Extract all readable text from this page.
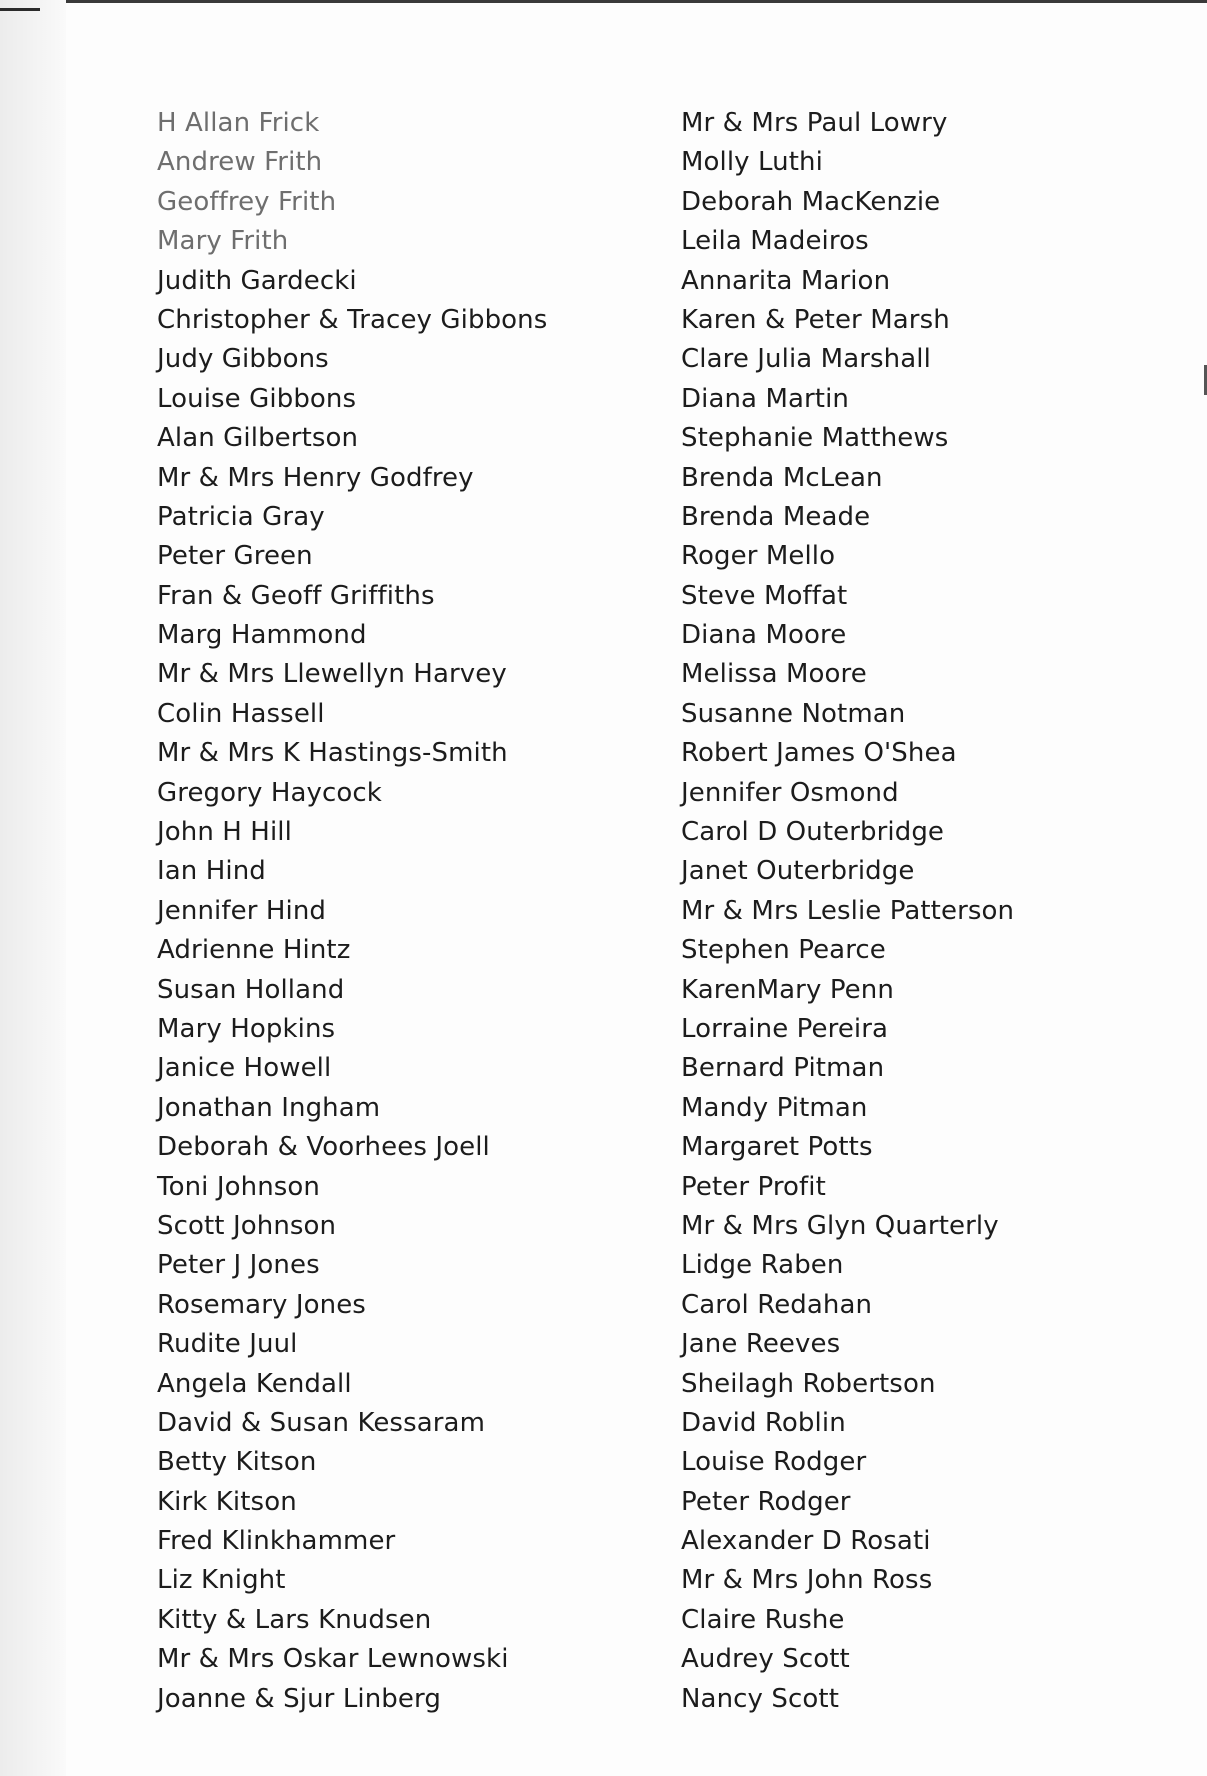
H Allan Frick
Andrew Frith
Geoffrey Frith
Mary Frith
Judith Gardecki
Christopher & Tracey Gibbons
Judy Gibbons
Louise Gibbons
Alan Gilbertson
Mr & Mrs Henry Godfrey
Patricia Gray
Peter Green
Fran & Geoff Griffiths
Marg Hammond
Mr & Mrs Llewellyn Harvey
Colin Hassell
Mr & Mrs K Hastings-Smith
Gregory Haycock
John H Hill
Ian Hind
Jennifer Hind
Adrienne Hintz
Susan Holland
Mary Hopkins
Janice Howell
Jonathan Ingham
Deborah & Voorhees Joell
Toni Johnson
Scott Johnson
Peter J Jones
Rosemary Jones
Rudite Juul
Angela Kendall
David & Susan Kessaram
Betty Kitson
Kirk Kitson
Fred Klinkhammer
Liz Knight
Kitty & Lars Knudsen
Mr & Mrs Oskar Lewnowski
Joanne & Sjur Linberg
Mr & Mrs Paul Lowry
Molly Luthi
Deborah MacKenzie
Leila Madeiros
Annarita Marion
Karen & Peter Marsh
Clare Julia Marshall
Diana Martin
Stephanie Matthews
Brenda McLean
Brenda Meade
Roger Mello
Steve Moffat
Diana Moore
Melissa Moore
Susanne Notman
Robert James O'Shea
Jennifer Osmond
Carol D Outerbridge
Janet Outerbridge
Mr & Mrs Leslie Patterson
Stephen Pearce
KarenMary Penn
Lorraine Pereira
Bernard Pitman
Mandy Pitman
Margaret Potts
Peter Profit
Mr & Mrs Glyn Quarterly
Lidge Raben
Carol Redahan
Jane Reeves
Sheilagh Robertson
David Roblin
Louise Rodger
Peter Rodger
Alexander D Rosati
Mr & Mrs John Ross
Claire Rushe
Audrey Scott
Nancy Scott
